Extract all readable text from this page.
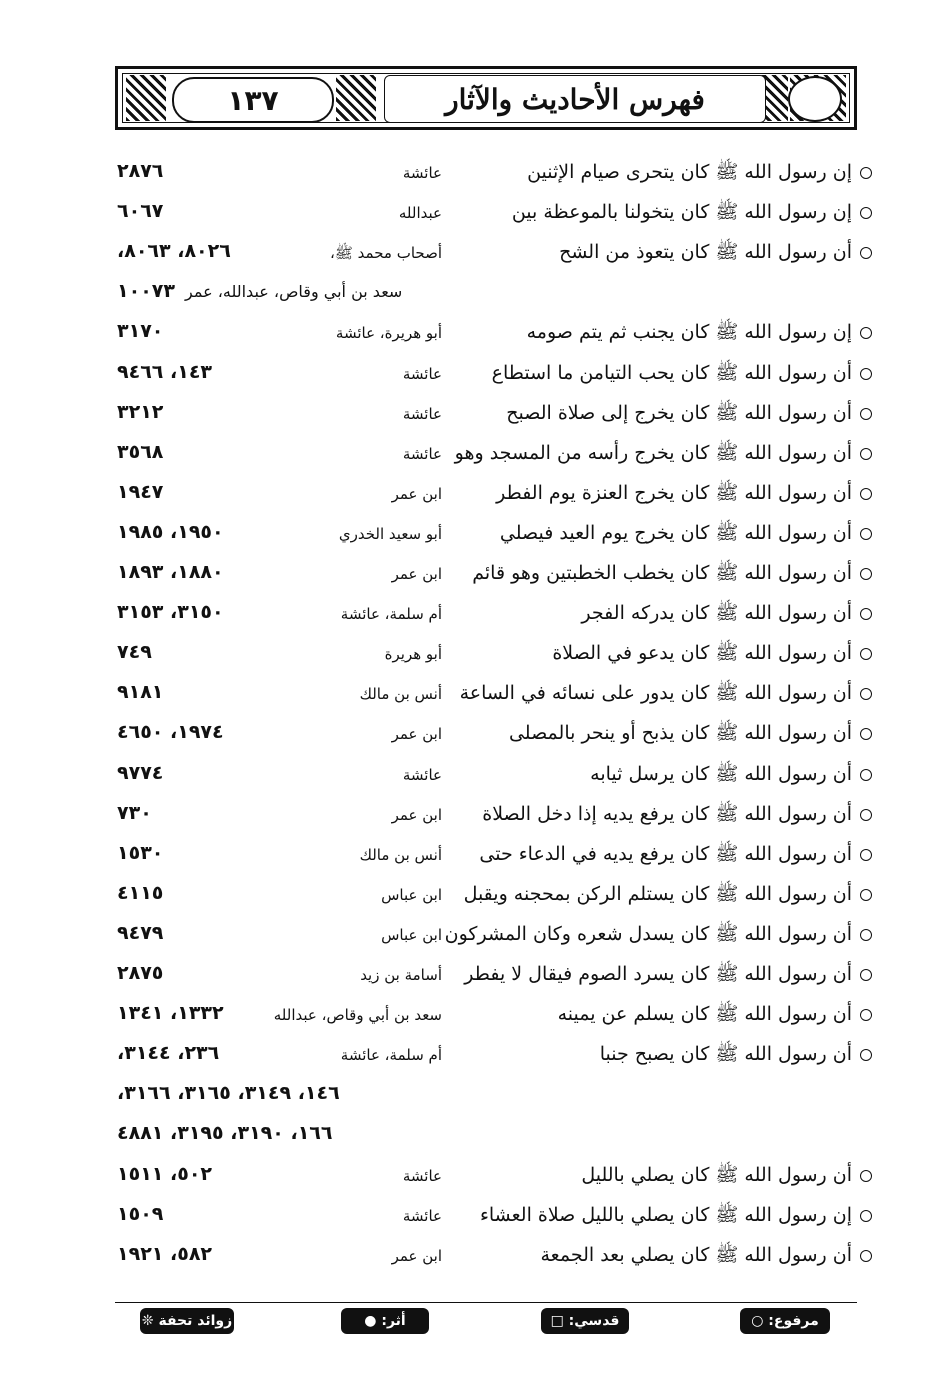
١٣٧	فهرس الأحاديث والآثار
إن رسول الله ﷺ كان يتحرى صيام الإثنين
عائشة
٢٨٧٦
إن رسول الله ﷺ كان يتخولنا بالموعظة بين
عبدالله
٦٠٦٧
أن رسول الله ﷺ كان يتعوذ من الشح
أصحاب محمد ﷺ،
٨٠٢٦، ٨٠٦٣،
سعد بن أبي وقاص، عبدالله، عمر١٠٠٧٣
إن رسول الله ﷺ كان يجنب ثم يتم صومه
أبو هريرة، عائشة
٣١٧٠
أن رسول الله ﷺ كان يحب التيامن ما استطاع
عائشة
١٤٣، ٩٤٦٦
أن رسول الله ﷺ كان يخرج إلى صلاة الصبح
عائشة
٣٢١٢
أن رسول الله ﷺ كان يخرج رأسه من المسجد وهو
عائشة
٣٥٦٨
أن رسول الله ﷺ كان يخرج العنزة يوم الفطر
ابن عمر
١٩٤٧
أن رسول الله ﷺ كان يخرج يوم العيد فيصلي
أبو سعيد الخدري
١٩٥٠، ١٩٨٥
أن رسول الله ﷺ كان يخطب الخطبتين وهو قائم
ابن عمر
١٨٨٠، ١٨٩٣
أن رسول الله ﷺ كان يدركه الفجر
أم سلمة، عائشة
٣١٥٠، ٣١٥٣
أن رسول الله ﷺ كان يدعو في الصلاة
أبو هريرة
٧٤٩
أن رسول الله ﷺ كان يدور على نسائه في الساعة
أنس بن مالك
٩١٨١
أن رسول الله ﷺ كان يذبح أو ينحر بالمصلى
ابن عمر
١٩٧٤، ٤٦٥٠
أن رسول الله ﷺ كان يرسل ثيابه
عائشة
٩٧٧٤
أن رسول الله ﷺ كان يرفع يديه إذا دخل الصلاة
ابن عمر
٧٣٠
أن رسول الله ﷺ كان يرفع يديه في الدعاء حتى
أنس بن مالك
١٥٣٠
أن رسول الله ﷺ كان يستلم الركن بمحجنه ويقبل
ابن عباس
٤١١٥
أن رسول الله ﷺ كان يسدل شعره وكان المشركون
ابن عباس
٩٤٧٩
أن رسول الله ﷺ كان يسرد الصوم فيقال لا يفطر
أسامة بن زيد
٢٨٧٥
أن رسول الله ﷺ كان يسلم عن يمينه
سعد بن أبي وقاص، عبدالله
١٣٣٢، ١٣٤١
أن رسول الله ﷺ كان يصبح جنبا
أم سلمة، عائشة
٢٣٦، ٣١٤٤،
١٤٦، ٣١٤٩، ٣١٦٥، ٣١٦٦،
١٦٦، ٣١٩٠، ٣١٩٥، ٤٨٨١
أن رسول الله ﷺ كان يصلي بالليل
عائشة
٥٠٢، ١٥١١
إن رسول الله ﷺ كان يصلي بالليل صلاة العشاء
عائشة
١٥٠٩
أن رسول الله ﷺ كان يصلي بعد الجمعة
ابن عمر
٥٨٢، ١٩٢١
مرفوع: ○
قدسي: □
أثر: ●
زوائد تحفة ❊
